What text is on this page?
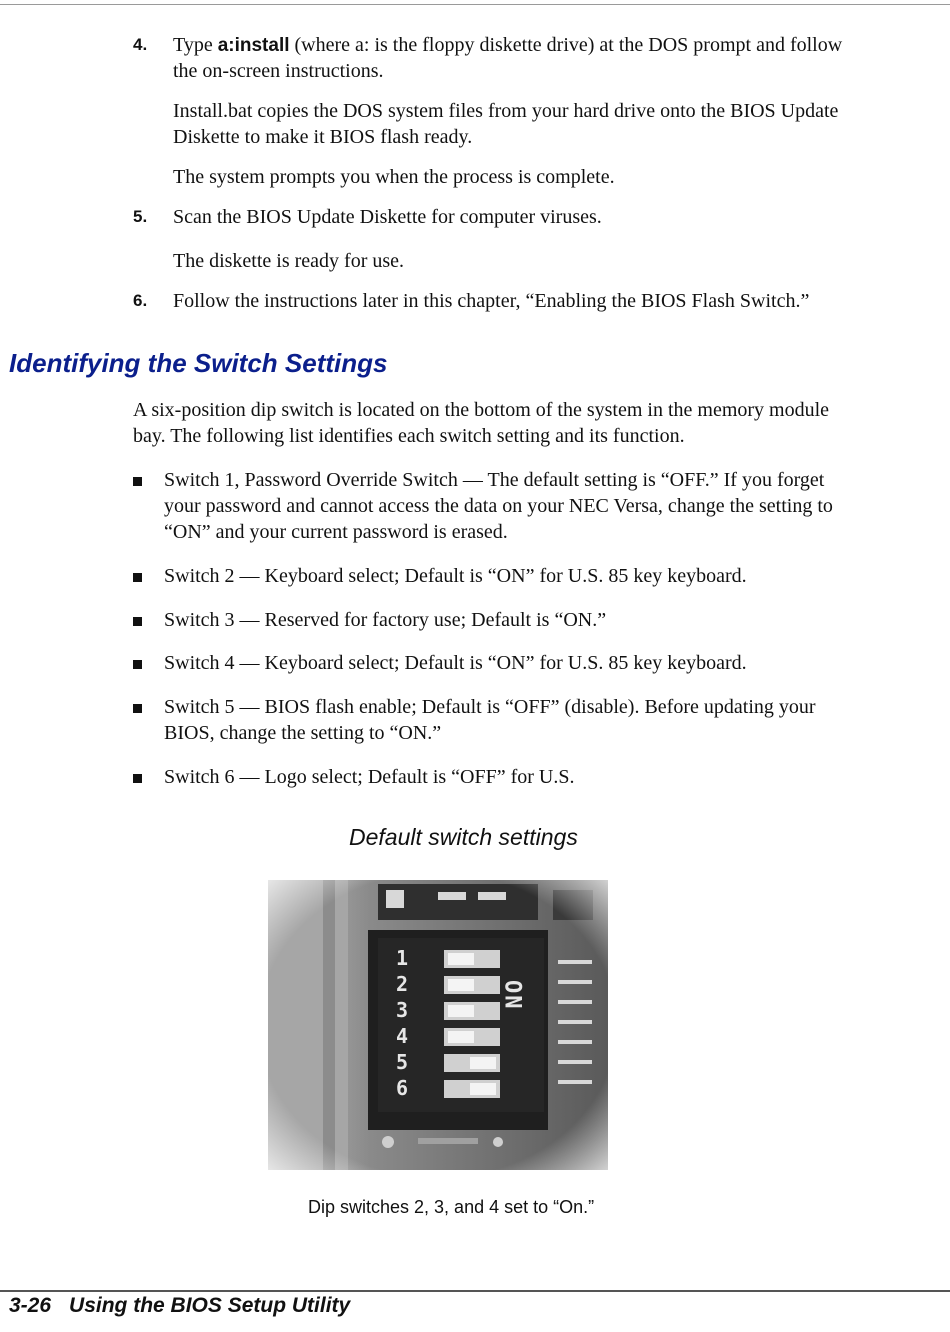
4. Type a:install (where a: is the floppy diskette drive) at the DOS prompt and follow
the on-screen instructions.
Install.bat copies the DOS system files from your hard drive onto the BIOS Update
Diskette to make it BIOS flash ready.
The system prompts you when the process is complete.
5. Scan the BIOS Update Diskette for computer viruses.
The diskette is ready for use.
6. Follow the instructions later in this chapter, “Enabling the BIOS Flash Switch.”
Identifying the Switch Settings
A six-position dip switch is located on the bottom of the system in the memory module
bay. The following list identifies each switch setting and its function.
Switch 1, Password Override Switch — The default setting is “OFF.” If you forget
your password and cannot access the data on your NEC Versa, change the setting to
“ON” and your current password is erased.
Switch 2 — Keyboard select; Default is “ON” for U.S. 85 key keyboard.
Switch 3 — Reserved for factory use; Default is “ON.”
Switch 4 — Keyboard select; Default is “ON” for U.S. 85 key keyboard.
Switch 5 — BIOS flash enable; Default is “OFF” (disable). Before updating your
BIOS, change the setting to “ON.”
Switch 6 — Logo select; Default is “OFF” for U.S.
Default switch settings
Dip switches 2, 3, and 4 set to “On.”
3-26 Using the BIOS Setup Utility
